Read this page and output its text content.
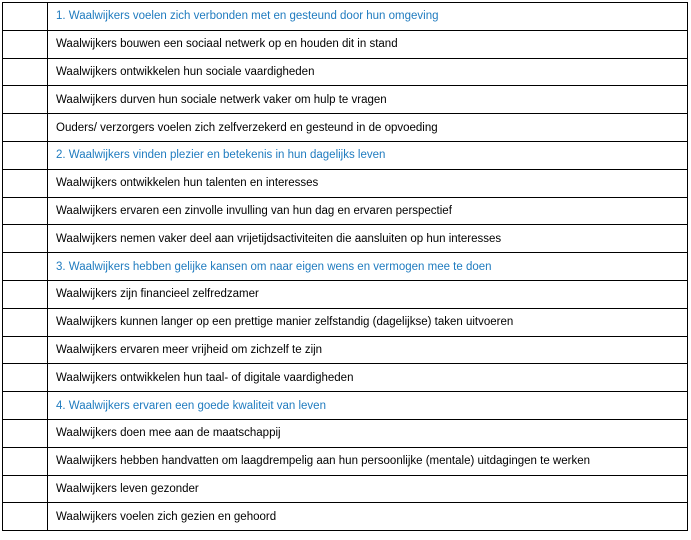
	1. Waalwijkers voelen zich verbonden met en gesteund door hun omgeving
	Waalwijkers bouwen een sociaal netwerk op en houden dit in stand
	Waalwijkers ontwikkelen hun sociale vaardigheden
	Waalwijkers durven hun sociale netwerk vaker om hulp te vragen
	Ouders/ verzorgers voelen zich zelfverzekerd en gesteund in de opvoeding
	2. Waalwijkers vinden plezier en betekenis in hun dagelijks leven
	Waalwijkers ontwikkelen hun talenten en interesses
	Waalwijkers ervaren een zinvolle invulling van hun dag en ervaren perspectief
	Waalwijkers nemen vaker deel aan vrijetijdsactiviteiten die aansluiten op hun interesses
	3. Waalwijkers hebben gelijke kansen om naar eigen wens en vermogen mee te doen
	Waalwijkers zijn financieel zelfredzamer
	Waalwijkers kunnen langer op een prettige manier zelfstandig (dagelijkse) taken uitvoeren
	Waalwijkers ervaren meer vrijheid om zichzelf te zijn
	Waalwijkers ontwikkelen hun taal- of digitale vaardigheden
	4. Waalwijkers ervaren een goede kwaliteit van leven
	Waalwijkers doen mee aan de maatschappij
	Waalwijkers hebben handvatten om laagdrempelig aan hun persoonlijke (mentale) uitdagingen te werken
	Waalwijkers leven gezonder
	Waalwijkers voelen zich gezien en gehoord
